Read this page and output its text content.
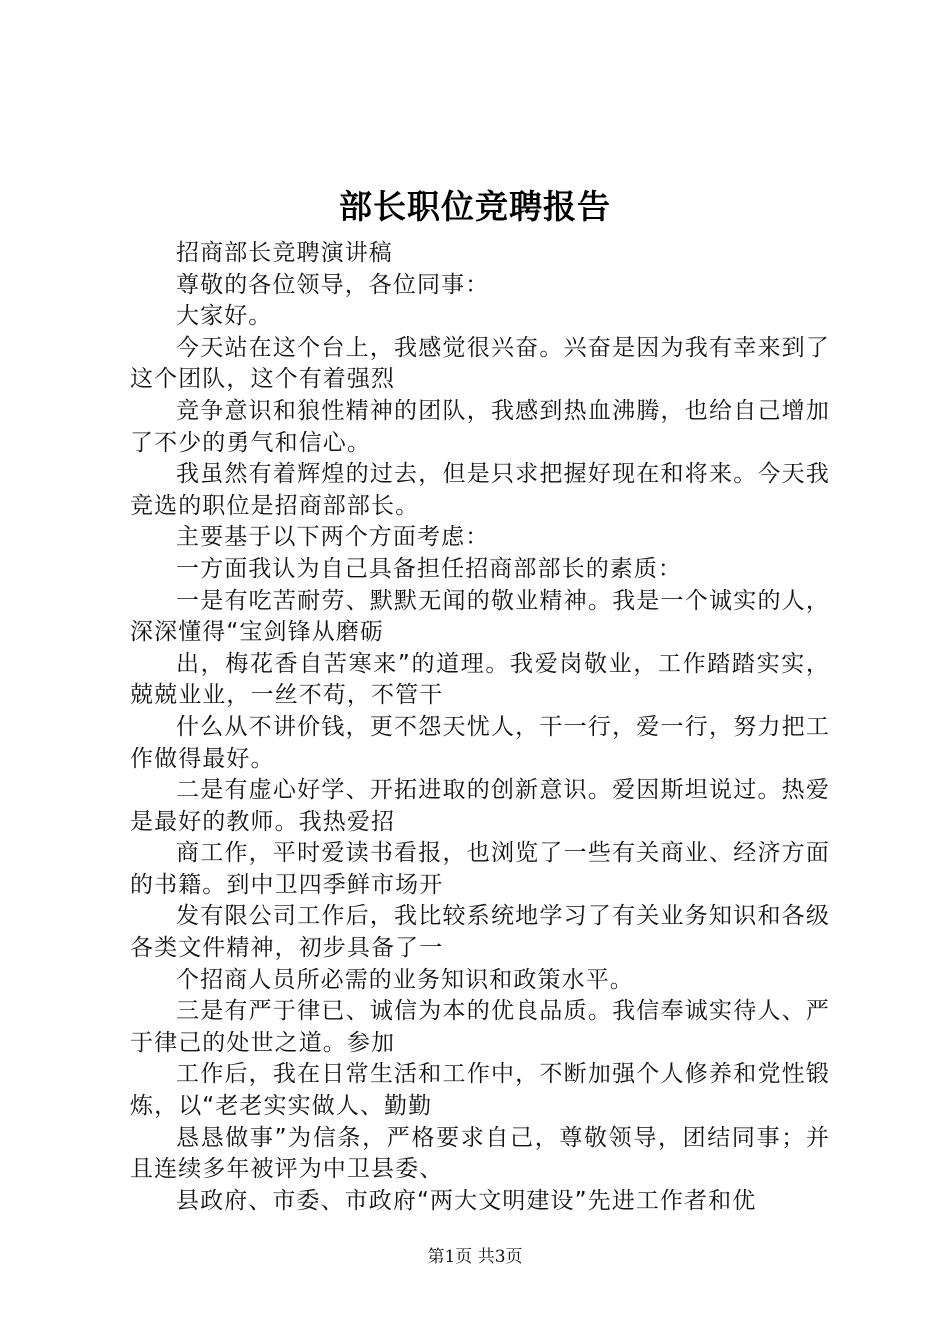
部长职位竞聘报告

招商部长竞聘演讲稿

尊敬的各位领导，各位同事：

大家好。

今天站在这个台上，我感觉很兴奋。兴奋是因为我有幸来到了这个团队，这个有着强烈

竞争意识和狼性精神的团队，我感到热血沸腾，也给自己增加了不少的勇气和信心。

我虽然有着辉煌的过去，但是只求把握好现在和将来。今天我竞选的职位是招商部部长。

主要基于以下两个方面考虑：

一方面我认为自己具备担任招商部部长的素质：

一是有吃苦耐劳、默默无闻的敬业精神。我是一个诚实的人，深深懂得“宝剑锋从磨砺

出，梅花香自苦寒来”的道理。我爱岗敬业，工作踏踏实实，兢兢业业，一丝不苟，不管干

什么从不讲价钱，更不怨天忧人，干一行，爱一行，努力把工作做得最好。

二是有虚心好学、开拓进取的创新意识。爱因斯坦说过。热爱是最好的教师。我热爱招

商工作，平时爱读书看报，也浏览了一些有关商业、经济方面的书籍。到中卫四季鲜市场开

发有限公司工作后，我比较系统地学习了有关业务知识和各级各类文件精神，初步具备了一

个招商人员所必需的业务知识和政策水平。

三是有严于律已、诚信为本的优良品质。我信奉诚实待人、严于律己的处世之道。参加

工作后，我在日常生活和工作中，不断加强个人修养和党性锻炼，以“老老实实做人、勤勤

恳恳做事”为信条，严格要求自己，尊敬领导，团结同事；并且连续多年被评为中卫县委、

县政府、市委、市政府“两大文明建设”先进工作者和优

第1页 共3页
